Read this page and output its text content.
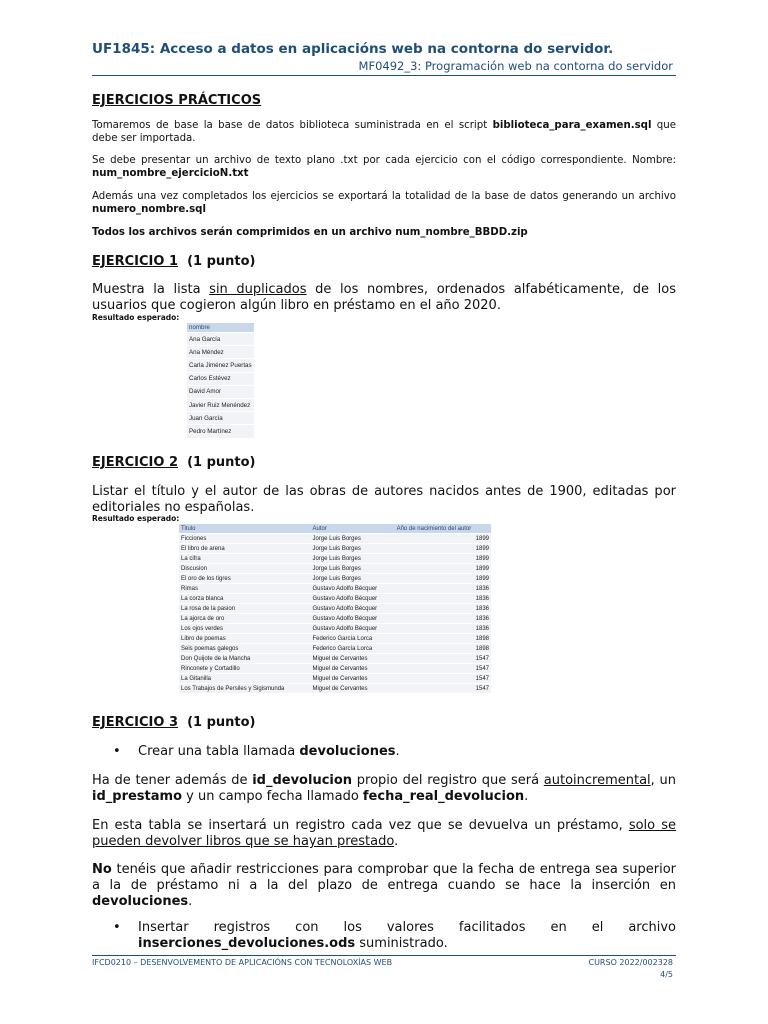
UF1845: Acceso a datos en aplicacións web na contorna do servidor.
MF0492_3: Programación web na contorna do servidor
EJERCICIOS PRÁCTICOS
Tomaremos de base la base de datos biblioteca suministrada en el script biblioteca_para_examen.sql que debe ser importada.
Se debe presentar un archivo de texto plano .txt por cada ejercicio con el código correspondiente. Nombre: num_nombre_ejercicioN.txt
Además una vez completados los ejercicios se exportará la totalidad de la base de datos generando un archivo numero_nombre.sql
Todos los archivos serán comprimidos en un archivo num_nombre_BBDD.zip
EJERCICIO 1 (1 punto)
Muestra la lista sin duplicados de los nombres, ordenados alfabéticamente, de los usuarios que cogieron algún libro en préstamo en el año 2020.
Resultado esperado:
nombre
Ana García
Ana Méndez
Carla Jiménez Puertas
Carlos Estévez
David Amor
Javier Ruiz Menéndez
Juan García
Pedro Martínez
EJERCICIO 2 (1 punto)
Listar el título y el autor de las obras de autores nacidos antes de 1900, editadas por editoriales no españolas.
Resultado esperado:
Titulo	Autor	Año de nacimiento del autor
Ficciones	Jorge Luis Borges	1899
El libro de arena	Jorge Luis Borges	1899
La cifra	Jorge Luis Borges	1899
Discusion	Jorge Luis Borges	1899
El oro de los tigres	Jorge Luis Borges	1899
Rimas	Gustavo Adolfo Bécquer	1836
La corza blanca	Gustavo Adolfo Bécquer	1836
La rosa de la pasion	Gustavo Adolfo Bécquer	1836
La ajorca de oro	Gustavo Adolfo Bécquer	1836
Los ojos verdes	Gustavo Adolfo Bécquer	1836
Libro de poemas	Federico García Lorca	1898
Seis poemas galegos	Federico García Lorca	1898
Don Quijote de la Mancha	Miguel de Cervantes	1547
Rinconete y Cortadillo	Miguel de Cervantes	1547
La Gitanilla	Miguel de Cervantes	1547
Los Trabajos de Persiles y Sigismunda	Miguel de Cervantes	1547
EJERCICIO 3 (1 punto)
• Crear una tabla llamada devoluciones.
Ha de tener además de id_devolucion propio del registro que será autoincremental, un id_prestamo y un campo fecha llamado fecha_real_devolucion.
En esta tabla se insertará un registro cada vez que se devuelva un préstamo, solo se pueden devolver libros que se hayan prestado.
No tenéis que añadir restricciones para comprobar que la fecha de entrega sea superior a la de préstamo ni a la del plazo de entrega cuando se hace la inserción en devoluciones.
• Insertar registros con los valores facilitados en el archivo inserciones_devoluciones.ods suministrado.
IFCD0210 – DESENVOLVEMENTO DE APLICACIÓNS CON TECNOLOXÍAS WEB	CURSO 2022/002328
4/5
